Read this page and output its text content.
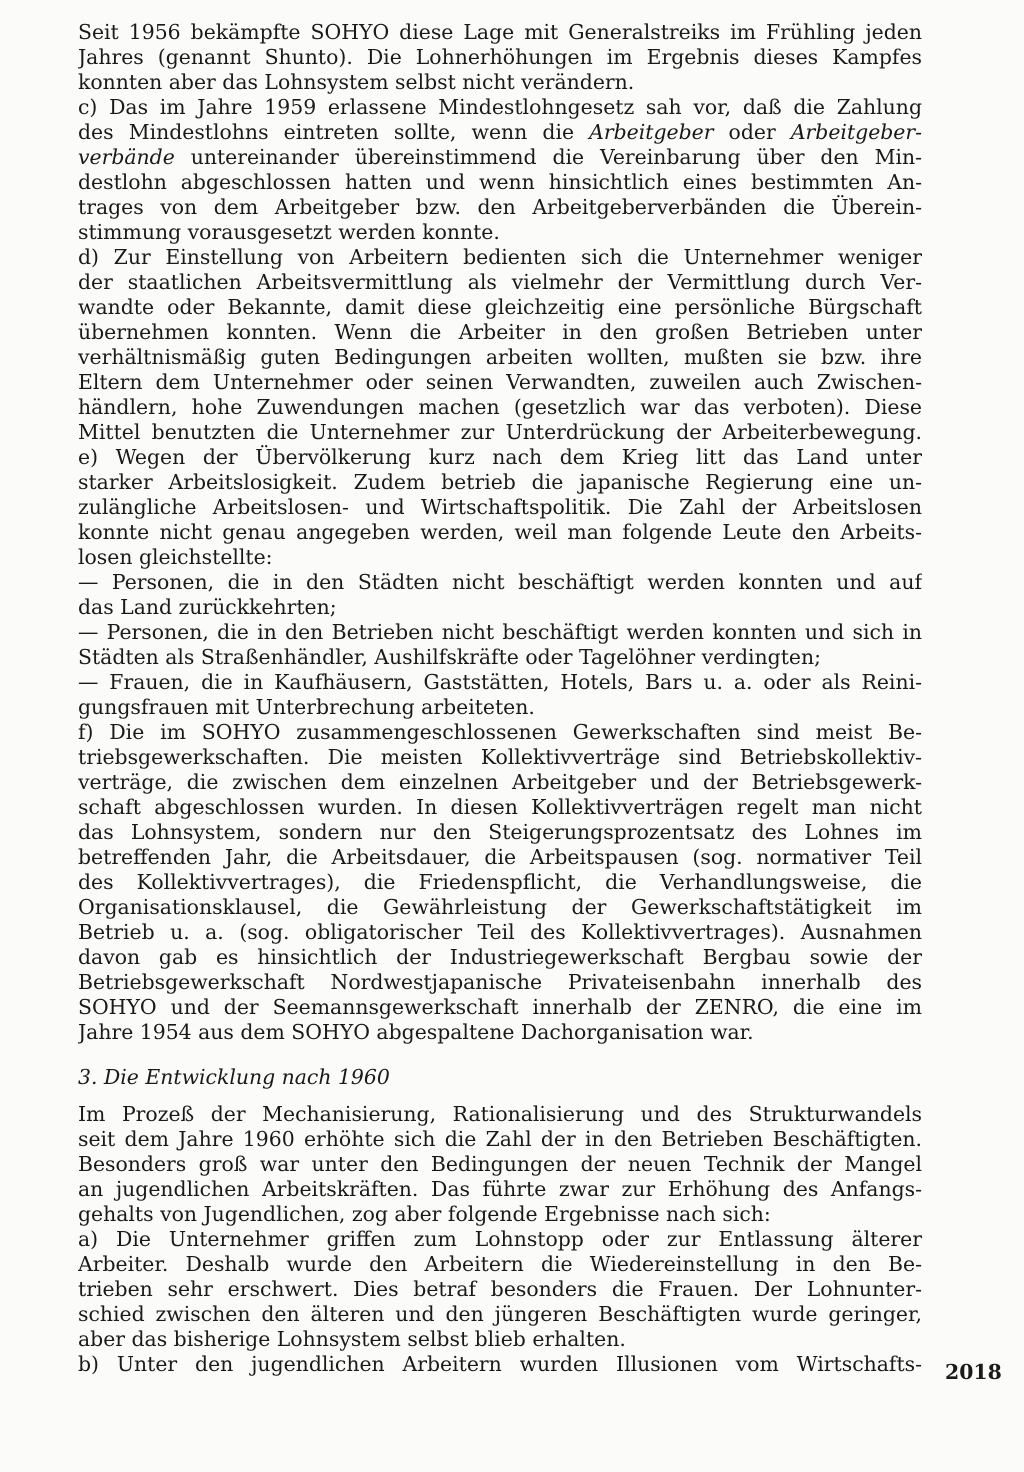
Seit 1956 bekämpfte SOHYO diese Lage mit Generalstreiks im Frühling jeden
Jahres (genannt Shunto). Die Lohnerhöhungen im Ergebnis dieses Kampfes
konnten aber das Lohnsystem selbst nicht verändern.
c) Das im Jahre 1959 erlassene Mindestlohngesetz sah vor, daß die Zahlung
des Mindestlohns eintreten sollte, wenn die Arbeitgeber oder Arbeitgeber-
verbände untereinander übereinstimmend die Vereinbarung über den Min-
destlohn abgeschlossen hatten und wenn hinsichtlich eines bestimmten An-
trages von dem Arbeitgeber bzw. den Arbeitgeberverbänden die Überein-
stimmung vorausgesetzt werden konnte.
d) Zur Einstellung von Arbeitern bedienten sich die Unternehmer weniger
der staatlichen Arbeitsvermittlung als vielmehr der Vermittlung durch Ver-
wandte oder Bekannte, damit diese gleichzeitig eine persönliche Bürgschaft
übernehmen konnten. Wenn die Arbeiter in den großen Betrieben unter
verhältnismäßig guten Bedingungen arbeiten wollten, mußten sie bzw. ihre
Eltern dem Unternehmer oder seinen Verwandten, zuweilen auch Zwischen-
händlern, hohe Zuwendungen machen (gesetzlich war das verboten). Diese
Mittel benutzten die Unternehmer zur Unterdrückung der Arbeiterbewegung.
e) Wegen der Übervölkerung kurz nach dem Krieg litt das Land unter
starker Arbeitslosigkeit. Zudem betrieb die japanische Regierung eine un-
zulängliche Arbeitslosen- und Wirtschaftspolitik. Die Zahl der Arbeitslosen
konnte nicht genau angegeben werden, weil man folgende Leute den Arbeits-
losen gleichstellte:
— Personen, die in den Städten nicht beschäftigt werden konnten und auf
das Land zurückkehrten;
— Personen, die in den Betrieben nicht beschäftigt werden konnten und sich in
Städten als Straßenhändler, Aushilfskräfte oder Tagelöhner verdingten;
— Frauen, die in Kaufhäusern, Gaststätten, Hotels, Bars u. a. oder als Reini-
gungsfrauen mit Unterbrechung arbeiteten.
f) Die im SOHYO zusammengeschlossenen Gewerkschaften sind meist Be-
triebsgewerkschaften. Die meisten Kollektivverträge sind Betriebskollektiv-
verträge, die zwischen dem einzelnen Arbeitgeber und der Betriebsgewerk-
schaft abgeschlossen wurden. In diesen Kollektivverträgen regelt man nicht
das Lohnsystem, sondern nur den Steigerungsprozentsatz des Lohnes im
betreffenden Jahr, die Arbeitsdauer, die Arbeitspausen (sog. normativer Teil
des Kollektivvertrages), die Friedenspflicht, die Verhandlungsweise, die
Organisationsklausel, die Gewährleistung der Gewerkschaftstätigkeit im
Betrieb u. a. (sog. obligatorischer Teil des Kollektivvertrages). Ausnahmen
davon gab es hinsichtlich der Industriegewerkschaft Bergbau sowie der
Betriebsgewerkschaft Nordwestjapanische Privateisenbahn innerhalb des
SOHYO und der Seemannsgewerkschaft innerhalb der ZENRO, die eine im
Jahre 1954 aus dem SOHYO abgespaltene Dachorganisation war.
3. Die Entwicklung nach 1960
Im Prozeß der Mechanisierung, Rationalisierung und des Strukturwandels
seit dem Jahre 1960 erhöhte sich die Zahl der in den Betrieben Beschäftigten.
Besonders groß war unter den Bedingungen der neuen Technik der Mangel
an jugendlichen Arbeitskräften. Das führte zwar zur Erhöhung des Anfangs-
gehalts von Jugendlichen, zog aber folgende Ergebnisse nach sich:
a) Die Unternehmer griffen zum Lohnstopp oder zur Entlassung älterer
Arbeiter. Deshalb wurde den Arbeitern die Wiedereinstellung in den Be-
trieben sehr erschwert. Dies betraf besonders die Frauen. Der Lohnunter-
schied zwischen den älteren und den jüngeren Beschäftigten wurde geringer,
aber das bisherige Lohnsystem selbst blieb erhalten.
b) Unter den jugendlichen Arbeitern wurden Illusionen vom Wirtschafts- 2018
